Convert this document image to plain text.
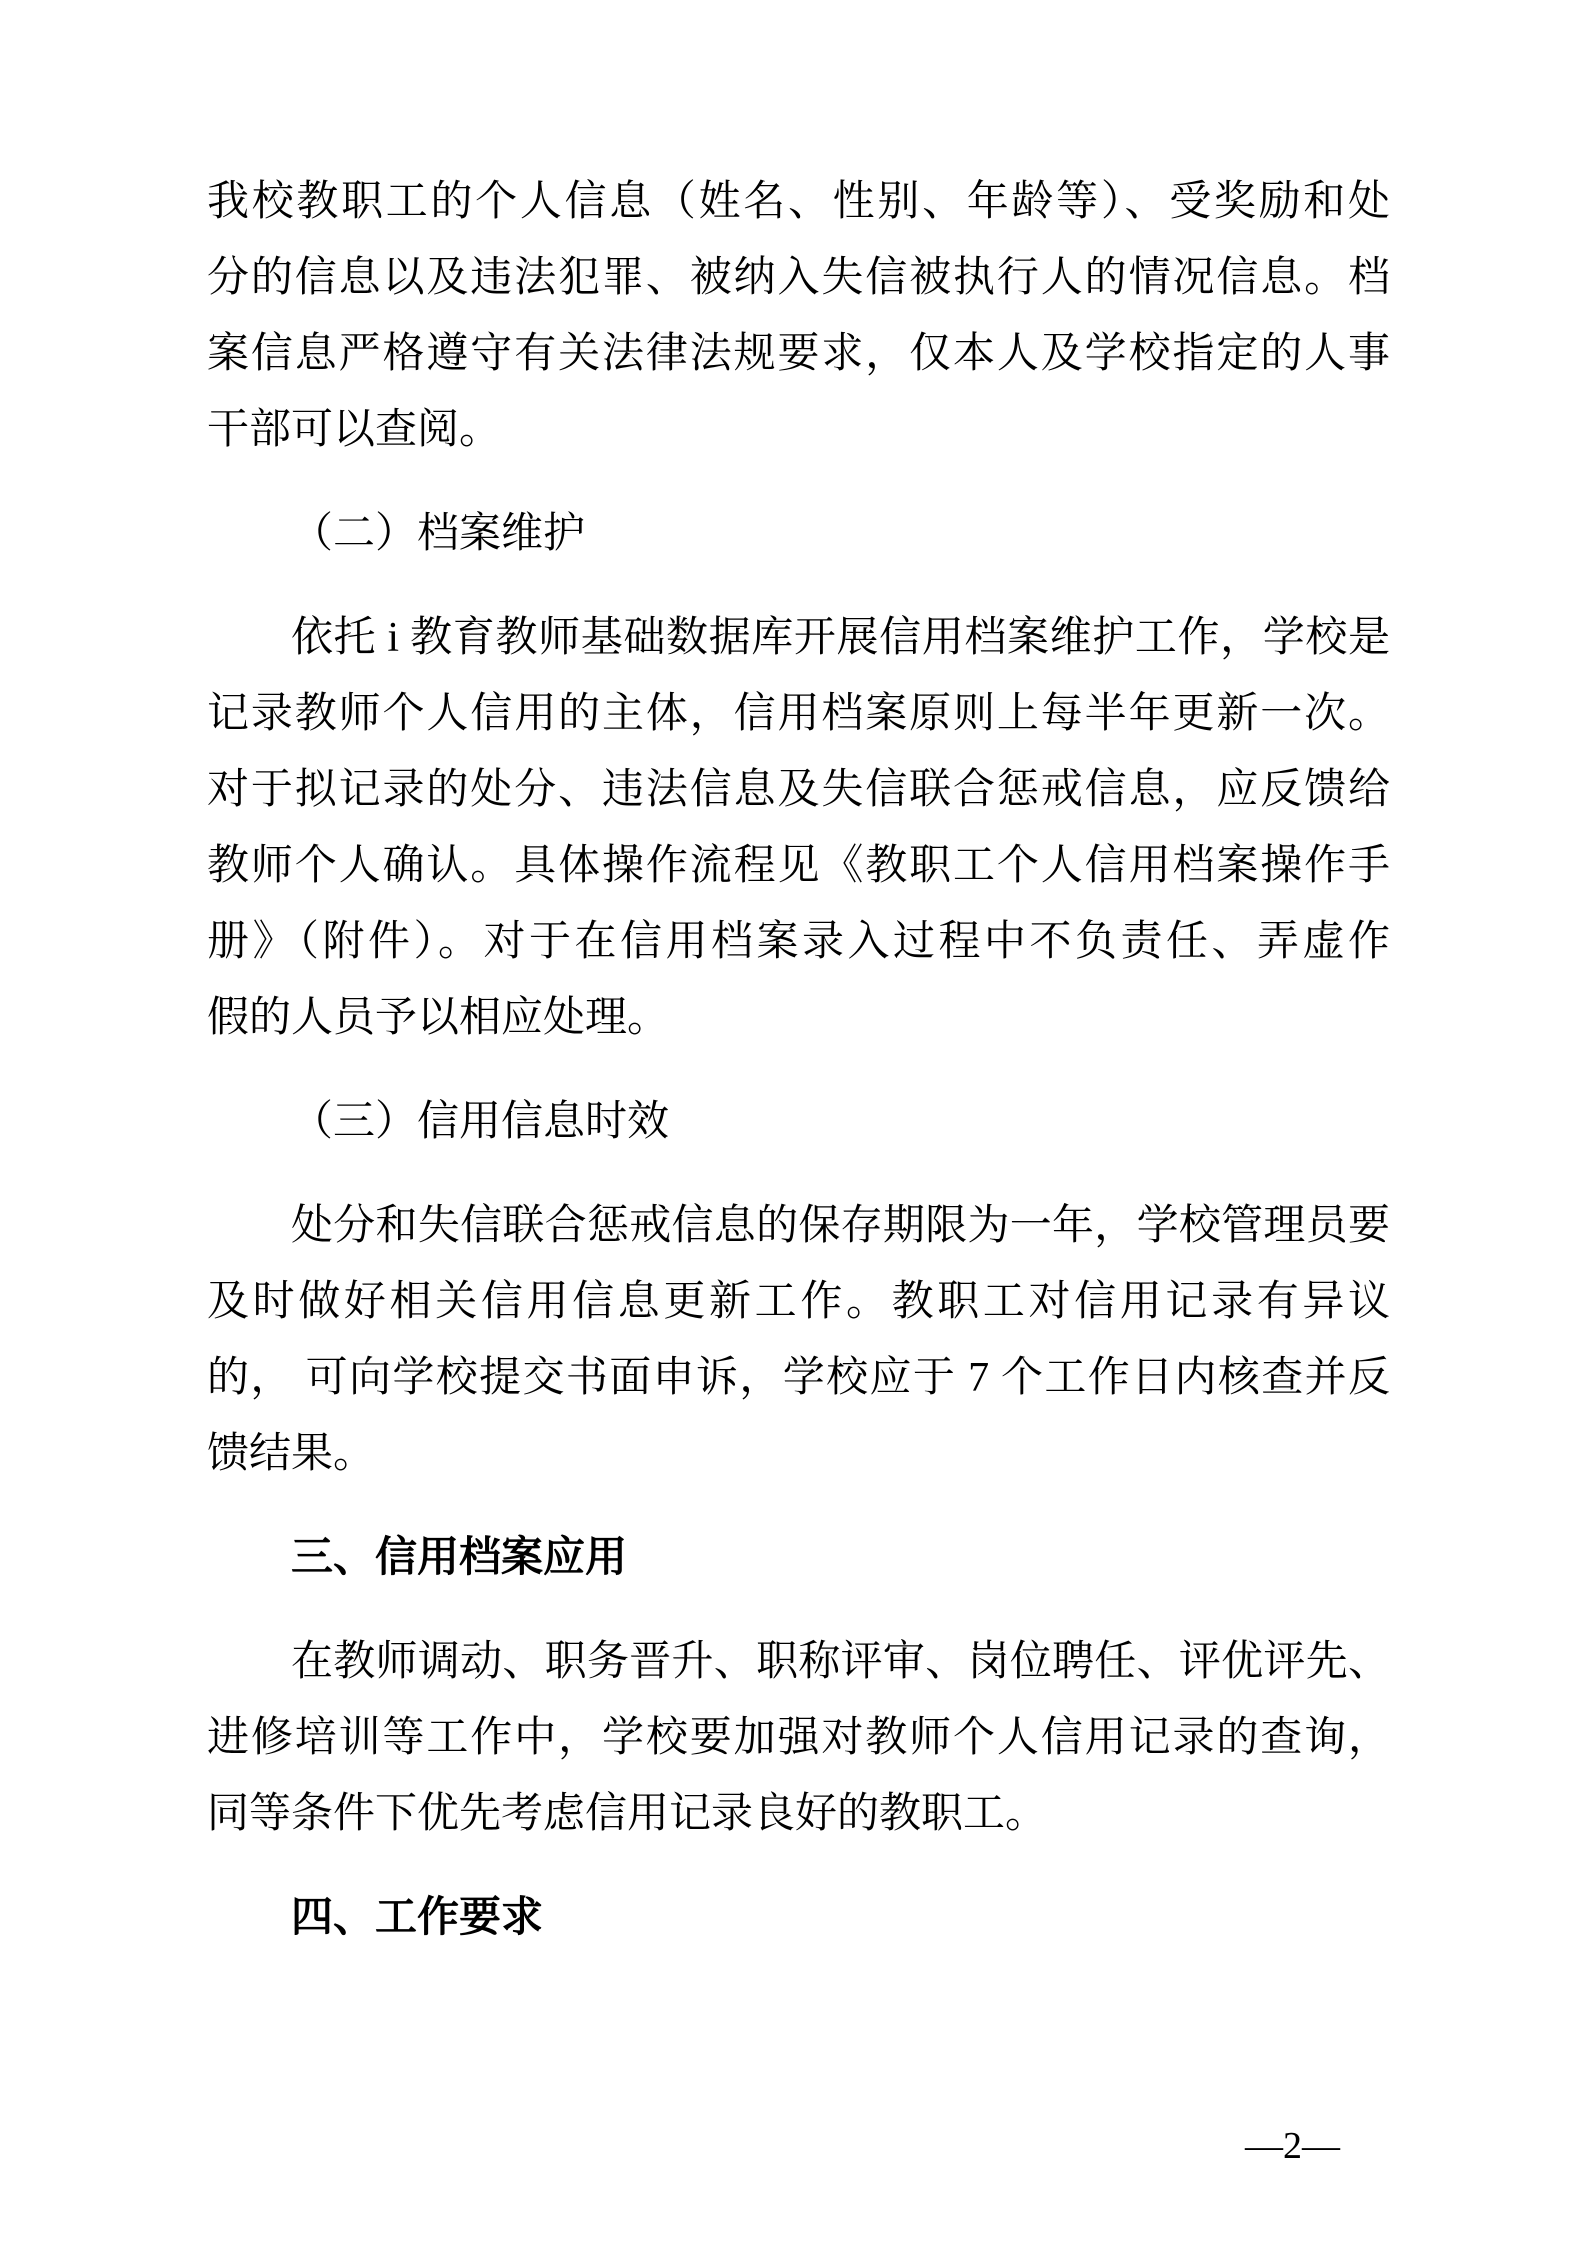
我校教职工的个人信息（姓名、性别、年龄等）、受奖励和处
分的信息以及违法犯罪、被纳入失信被执行人的情况信息。档
案信息严格遵守有关法律法规要求，仅本人及学校指定的人事
干部可以查阅。
（二）档案维护
依托 i 教育教师基础数据库开展信用档案维护工作，学校是
记录教师个人信用的主体，信用档案原则上每半年更新一次。
对于拟记录的处分、违法信息及失信联合惩戒信息，应反馈给
教师个人确认。具体操作流程见《教职工个人信用档案操作手
册》（附件）。对于在信用档案录入过程中不负责任、弄虚作
假的人员予以相应处理。
（三）信用信息时效
处分和失信联合惩戒信息的保存期限为一年，学校管理员要
及时做好相关信用信息更新工作。教职工对信用记录有异议
的， 可向学校提交书面申诉，学校应于 7 个工作日内核查并反
馈结果。
三、信用档案应用
在教师调动、职务晋升、职称评审、岗位聘任、评优评先、
进修培训等工作中，学校要加强对教师个人信用记录的查询，
同等条件下优先考虑信用记录良好的教职工。
四、工作要求
—2—
